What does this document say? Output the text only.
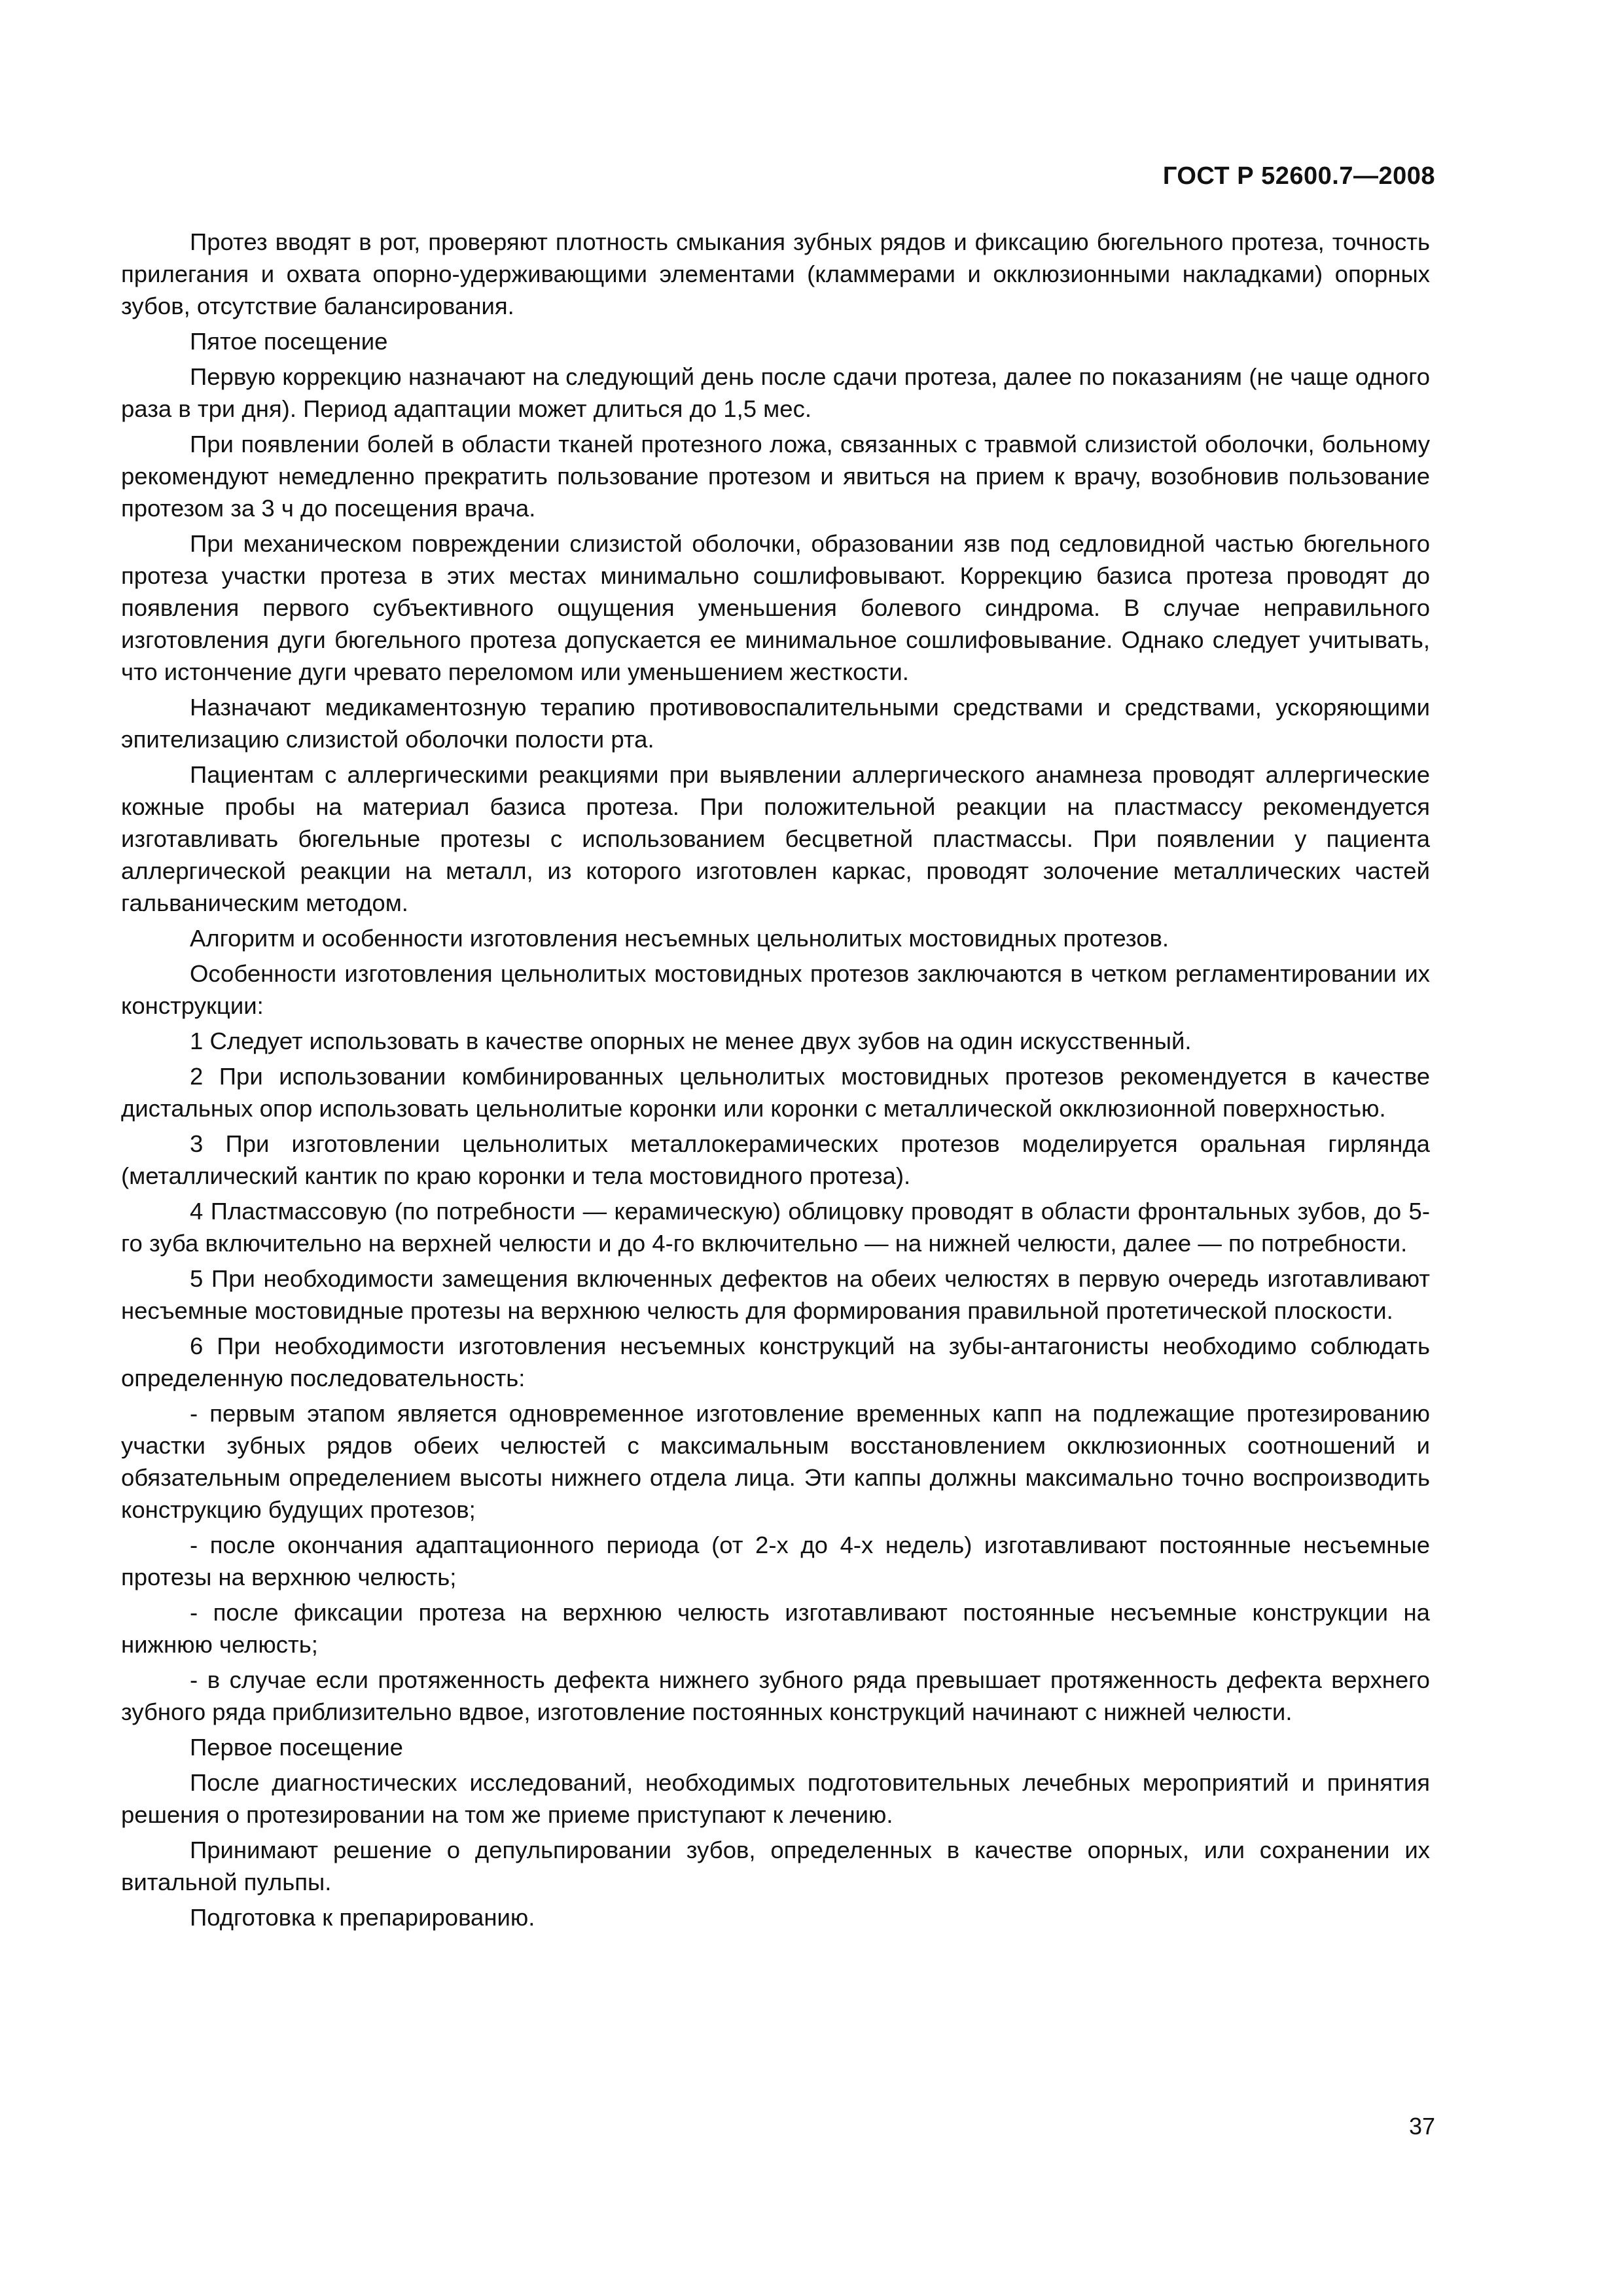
ГОСТ Р 52600.7—2008

Протез вводят в рот, проверяют плотность смыкания зубных рядов и фиксацию бюгельного протеза, точность прилегания и охвата опорно-удерживающими элементами (кламмерами и окклюзионными накладками) опорных зубов, отсутствие балансирования.

Пятое посещение

Первую коррекцию назначают на следующий день после сдачи протеза, далее по показаниям (не чаще одного раза в три дня). Период адаптации может длиться до 1,5 мес.

При появлении болей в области тканей протезного ложа, связанных с травмой слизистой оболочки, больному рекомендуют немедленно прекратить пользование протезом и явиться на прием к врачу, возобновив пользование протезом за 3 ч до посещения врача.

При механическом повреждении слизистой оболочки, образовании язв под седловидной частью бюгельного протеза участки протеза в этих местах минимально сошлифовывают. Коррекцию базиса протеза проводят до появления первого субъективного ощущения уменьшения болевого синдрома. В случае неправильного изготовления дуги бюгельного протеза допускается ее минимальное сошлифовывание. Однако следует учитывать, что истончение дуги чревато переломом или уменьшением жесткости.

Назначают медикаментозную терапию противовоспалительными средствами и средствами, ускоряющими эпителизацию слизистой оболочки полости рта.

Пациентам с аллергическими реакциями при выявлении аллергического анамнеза проводят аллергические кожные пробы на материал базиса протеза. При положительной реакции на пластмассу рекомендуется изготавливать бюгельные протезы с использованием бесцветной пластмассы. При появлении у пациента аллергической реакции на металл, из которого изготовлен каркас, проводят золочение металлических частей гальваническим методом.

Алгоритм и особенности изготовления несъемных цельнолитых мостовидных протезов.

Особенности изготовления цельнолитых мостовидных протезов заключаются в четком регламентировании их конструкции:

1 Следует использовать в качестве опорных не менее двух зубов на один искусственный.

2 При использовании комбинированных цельнолитых мостовидных протезов рекомендуется в качестве дистальных опор использовать цельнолитые коронки или коронки с металлической окклюзионной поверхностью.

3 При изготовлении цельнолитых металлокерамических протезов моделируется оральная гирлянда (металлический кантик по краю коронки и тела мостовидного протеза).

4 Пластмассовую (по потребности — керамическую) облицовку проводят в области фронтальных зубов, до 5-го зуба включительно на верхней челюсти и до 4-го включительно — на нижней челюсти, далее — по потребности.

5 При необходимости замещения включенных дефектов на обеих челюстях в первую очередь изготавливают несъемные мостовидные протезы на верхнюю челюсть для формирования правильной протетической плоскости.

6 При необходимости изготовления несъемных конструкций на зубы-антагонисты необходимо соблюдать определенную последовательность:

- первым этапом является одновременное изготовление временных капп на подлежащие протезированию участки зубных рядов обеих челюстей с максимальным восстановлением окклюзионных соотношений и обязательным определением высоты нижнего отдела лица. Эти каппы должны максимально точно воспроизводить конструкцию будущих протезов;

- после окончания адаптационного периода (от 2-х до 4-х недель) изготавливают постоянные несъемные протезы на верхнюю челюсть;

- после фиксации протеза на верхнюю челюсть изготавливают постоянные несъемные конструкции на нижнюю челюсть;

- в случае если протяженность дефекта нижнего зубного ряда превышает протяженность дефекта верхнего зубного ряда приблизительно вдвое, изготовление постоянных конструкций начинают с нижней челюсти.

Первое посещение

После диагностических исследований, необходимых подготовительных лечебных мероприятий и принятия решения о протезировании на том же приеме приступают к лечению.

Принимают решение о депульпировании зубов, определенных в качестве опорных, или сохранении их витальной пульпы.

Подготовка к препарированию.

37
